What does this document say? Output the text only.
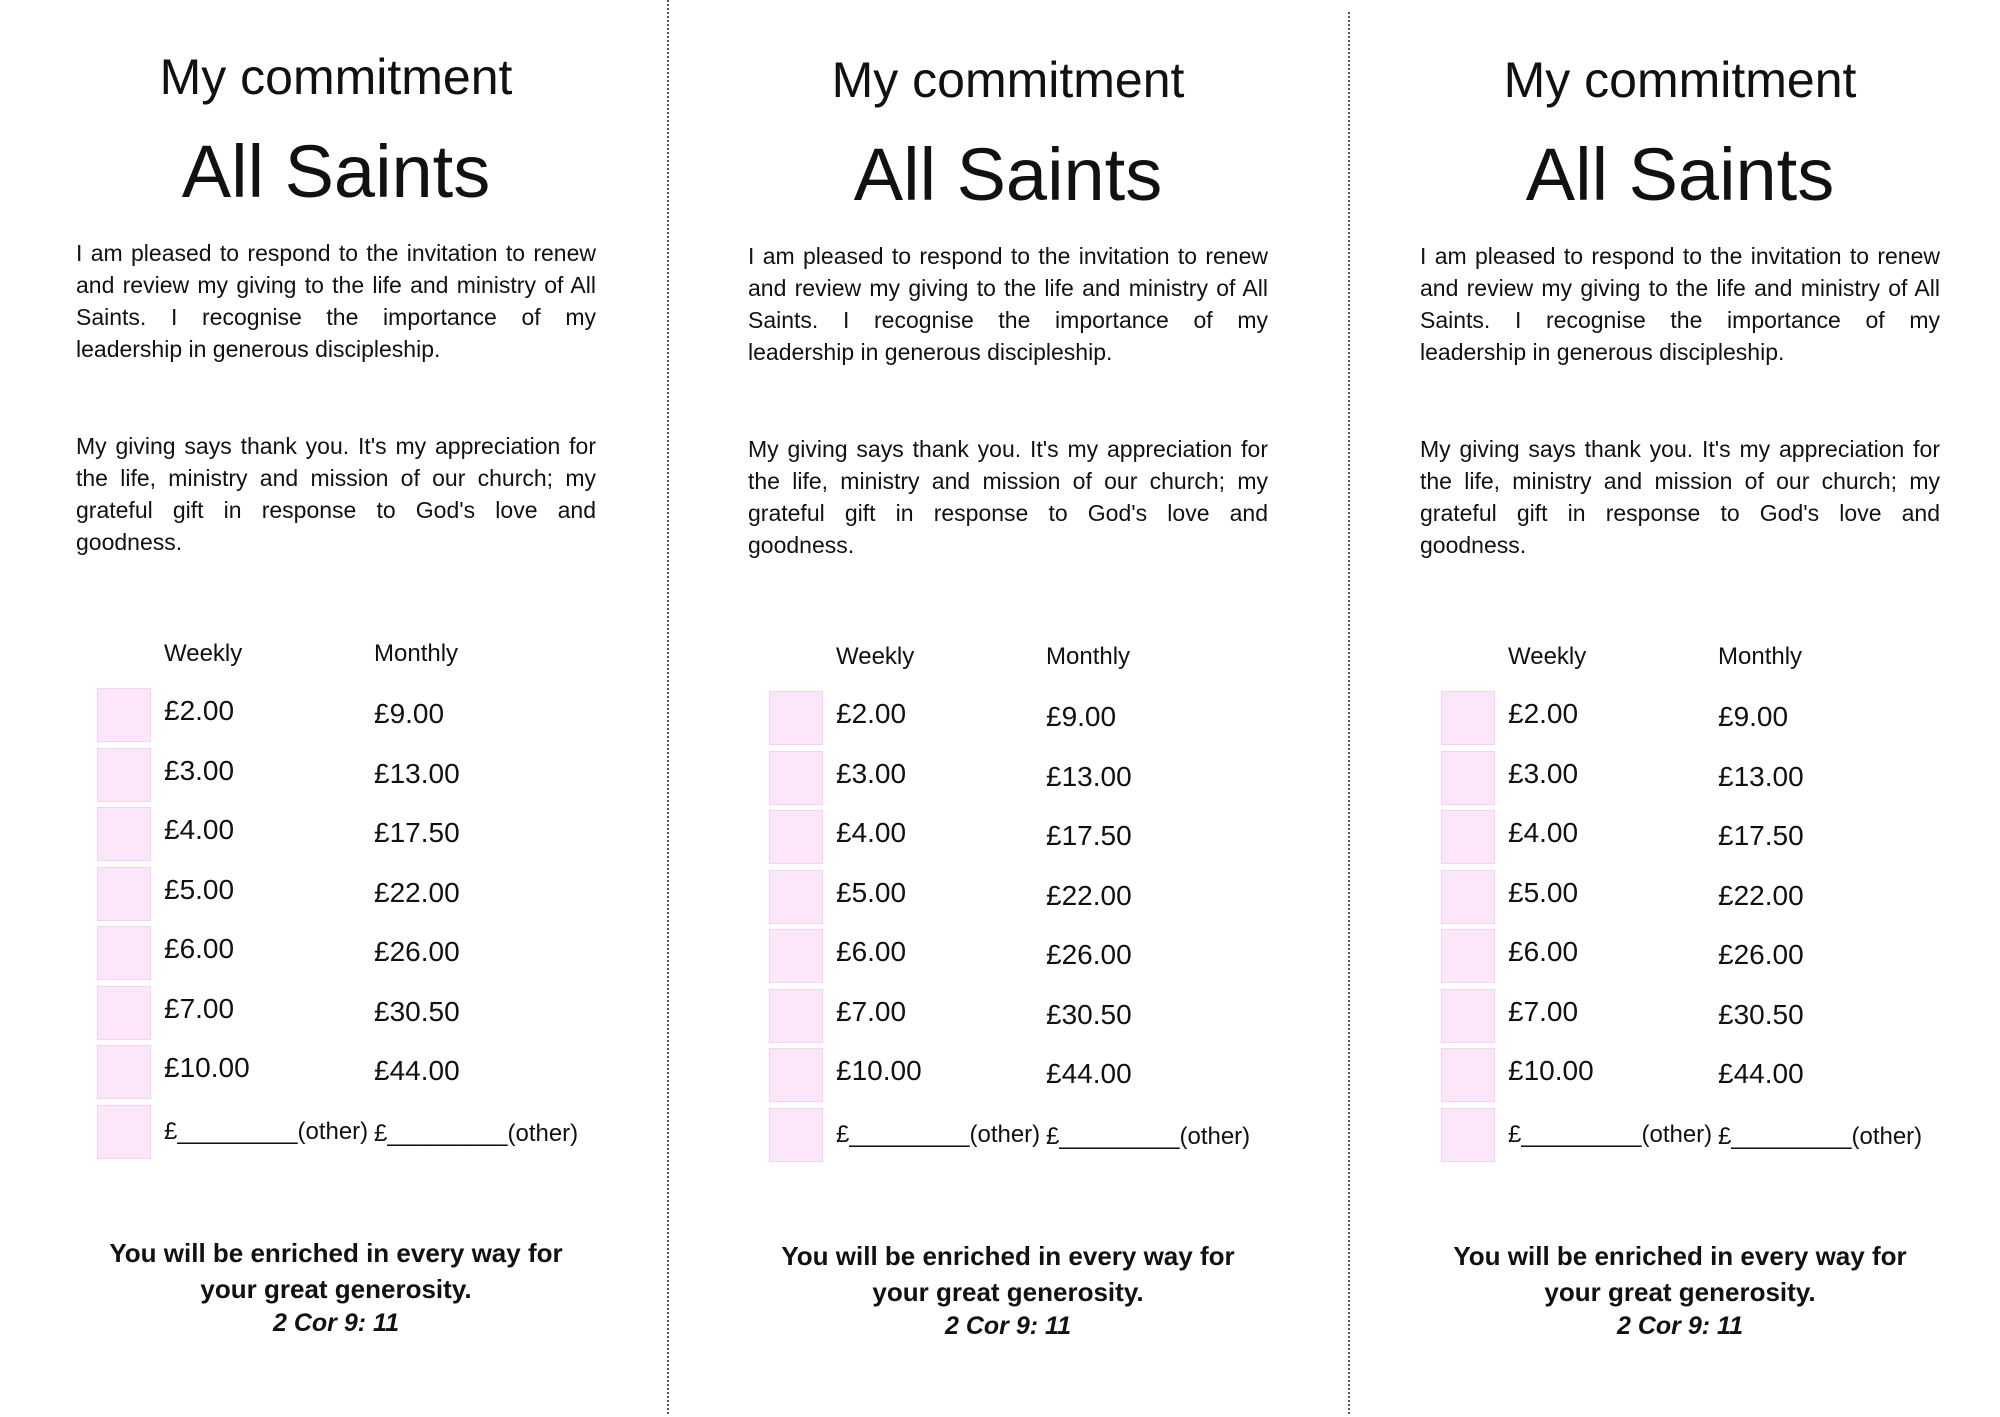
My commitment
All Saints

I am pleased to respond to the invitation to renew and review my giving to the life and ministry of All Saints. I recognise the importance of my leadership in generous discipleship.

My giving says thank you. It's my appreciation for the life, ministry and mission of our church; my grateful gift in response to God's love and goodness.

Weekly	Monthly
£2.00	£9.00
£3.00	£13.00
£4.00	£17.50
£5.00	£22.00
£6.00	£26.00
£7.00	£30.50
£10.00	£44.00
£_________(other) £_________(other)
You will be enriched in every way for
your great generosity.
2 Cor 9: 11
My commitment
All Saints

I am pleased to respond to the invitation to renew and review my giving to the life and ministry of All Saints. I recognise the importance of my leadership in generous discipleship.

My giving says thank you. It's my appreciation for the life, ministry and mission of our church; my grateful gift in response to God's love and goodness.

Weekly	Monthly
£2.00	£9.00
£3.00	£13.00
£4.00	£17.50
£5.00	£22.00
£6.00	£26.00
£7.00	£30.50
£10.00	£44.00
£_________(other) £_________(other)
You will be enriched in every way for
your great generosity.
2 Cor 9: 11
My commitment
All Saints

I am pleased to respond to the invitation to renew and review my giving to the life and ministry of All Saints. I recognise the importance of my leadership in generous discipleship.

My giving says thank you. It's my appreciation for the life, ministry and mission of our church; my grateful gift in response to God's love and goodness.

Weekly	Monthly
£2.00	£9.00
£3.00	£13.00
£4.00	£17.50
£5.00	£22.00
£6.00	£26.00
£7.00	£30.50
£10.00	£44.00
£_________(other) £_________(other)
You will be enriched in every way for
your great generosity.
2 Cor 9: 11
